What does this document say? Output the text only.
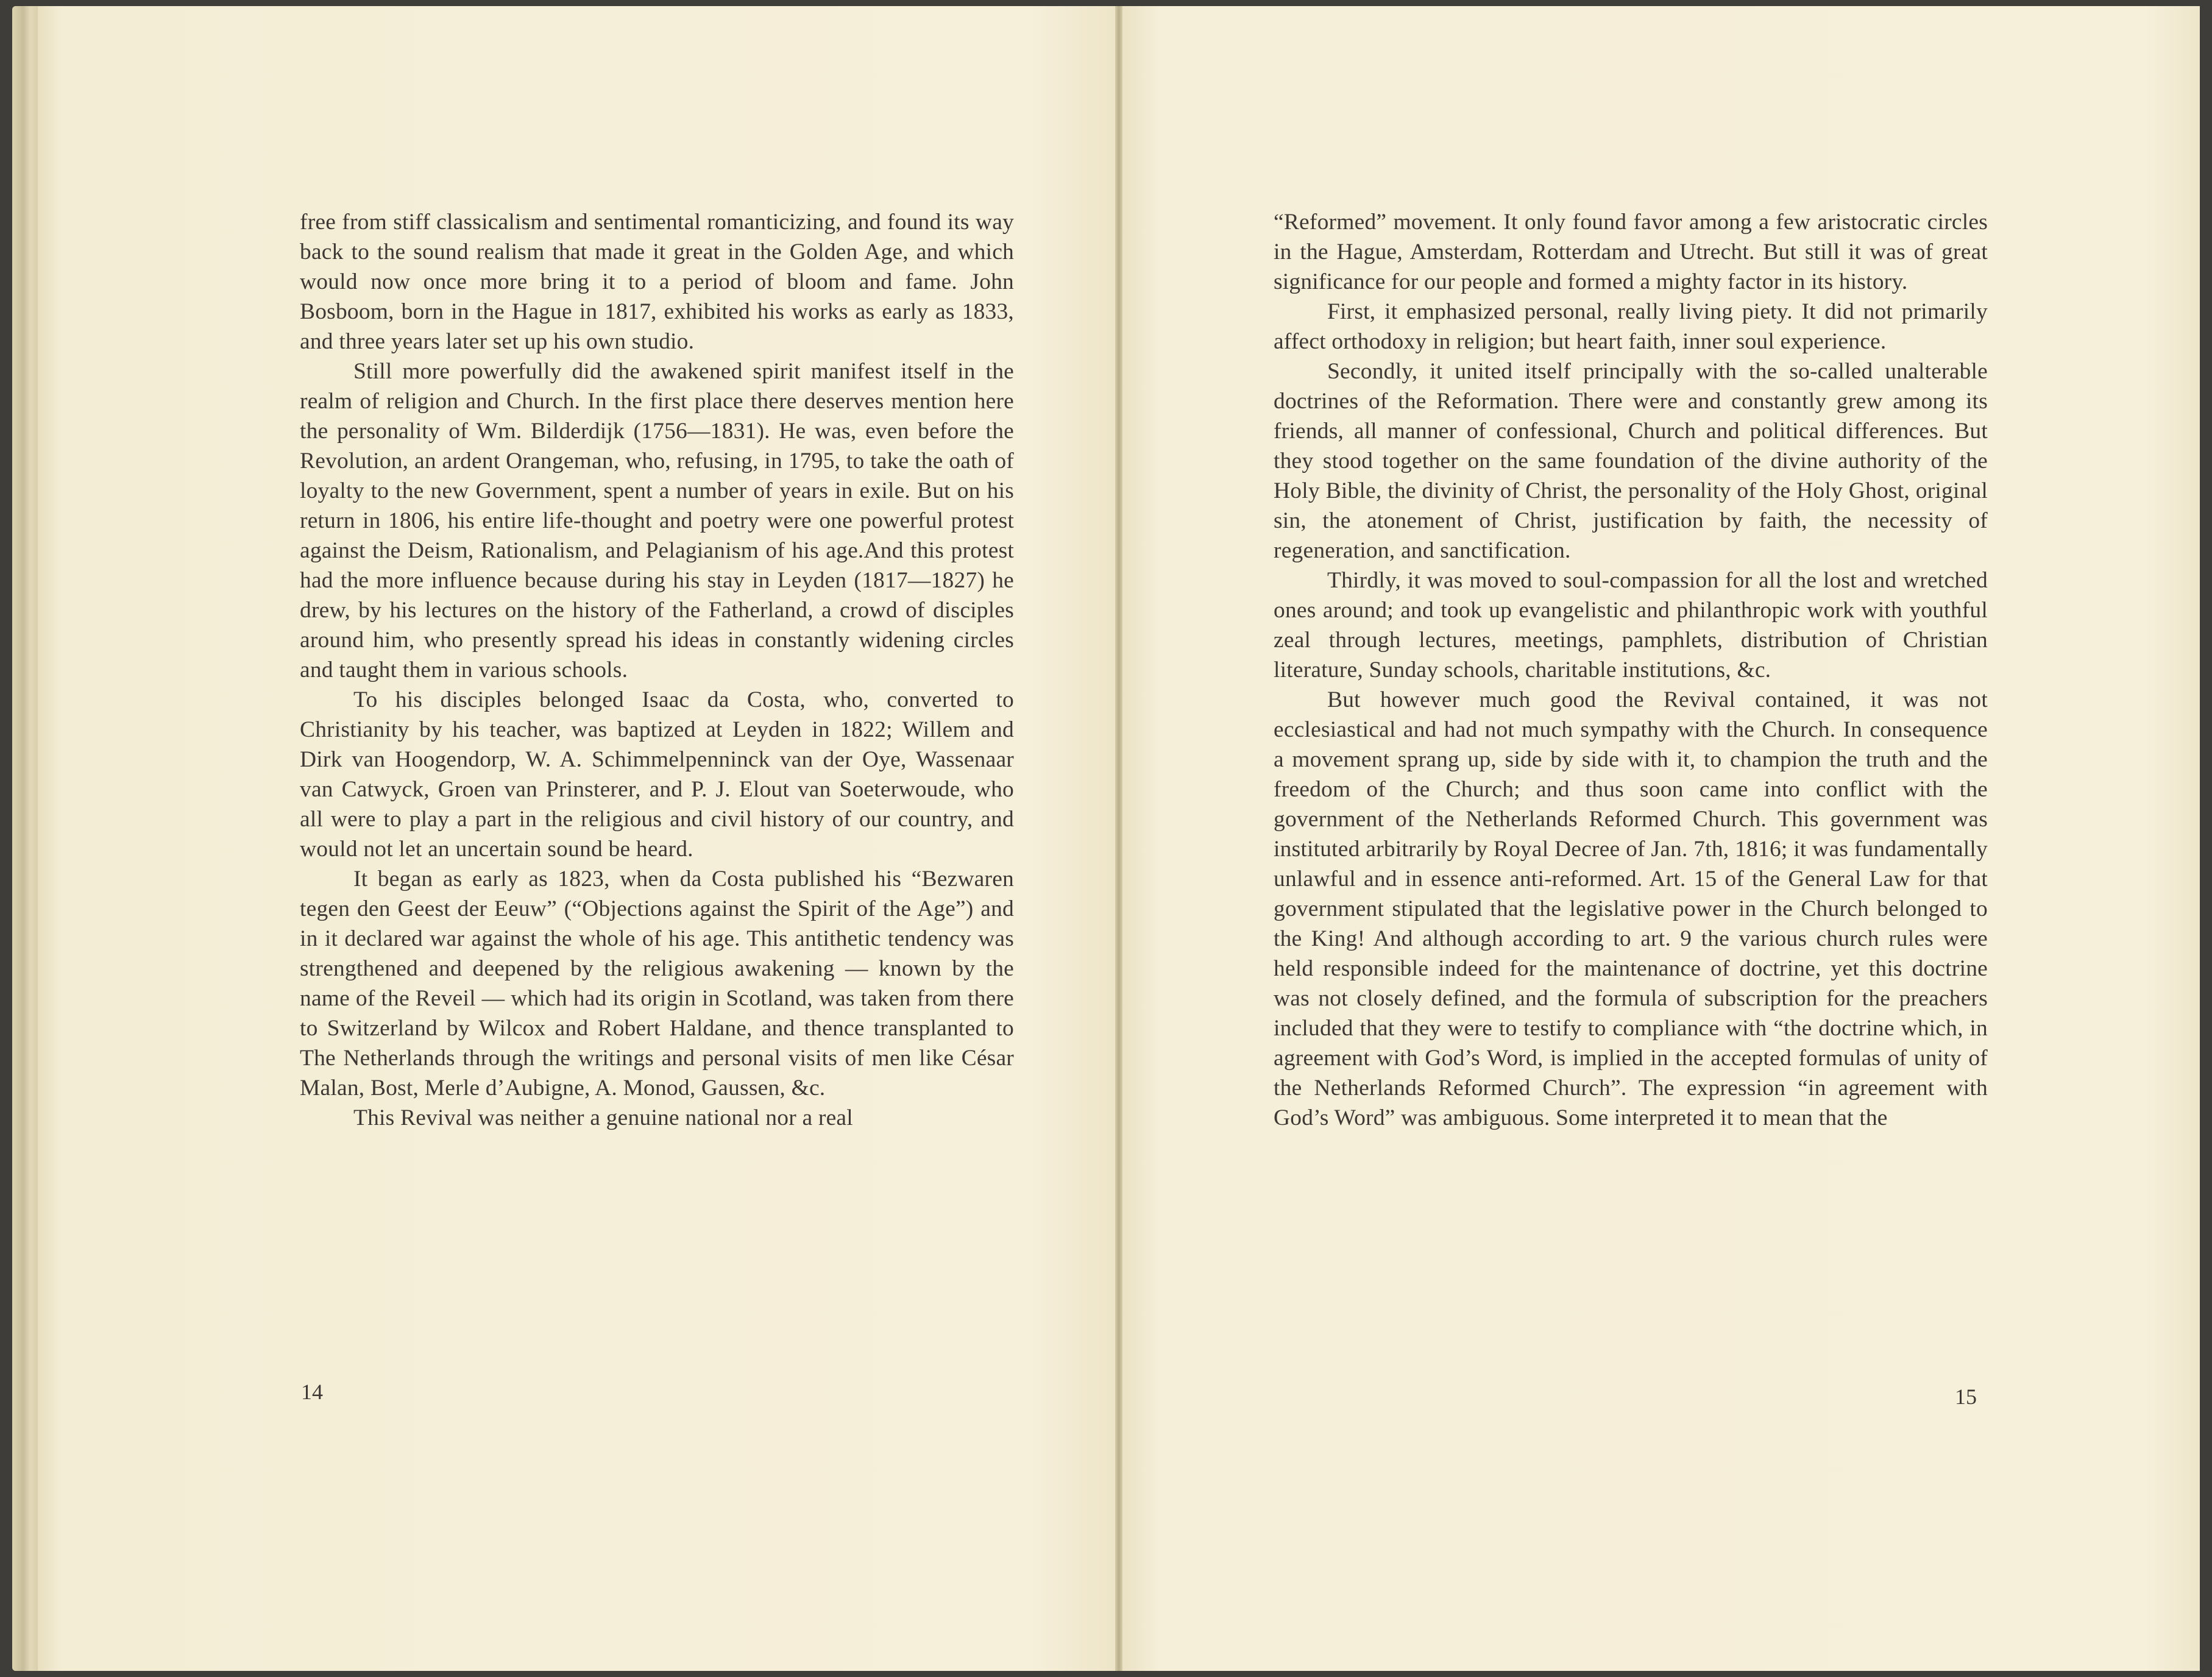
free from stiff classicalism and sentimental romanticizing, and found its way back to the sound realism that made it great in the Golden Age, and which would now once more bring it to a period of bloom and fame. John Bosboom, born in the Hague in 1817, exhibited his works as early as 1833, and three years later set up his own studio.

Still more powerfully did the awakened spirit manifest itself in the realm of religion and Church. In the first place there deserves mention here the personality of Wm. Bilderdijk (1756—1831). He was, even before the Revolution, an ardent Orangeman, who, refusing, in 1795, to take the oath of loyalty to the new Government, spent a number of years in exile. But on his return in 1806, his entire life-thought and poetry were one powerful protest against the Deism, Rationalism, and Pelagianism of his age.And this protest had the more influence because during his stay in Leyden (1817—1827) he drew, by his lectures on the history of the Fatherland, a crowd of disciples around him, who presently spread his ideas in constantly widening circles and taught them in various schools.

To his disciples belonged Isaac da Costa, who, converted to Christianity by his teacher, was baptized at Leyden in 1822; Willem and Dirk van Hoogendorp, W. A. Schimmelpenninck van der Oye, Wassenaar van Catwyck, Groen van Prinsterer, and P. J. Elout van Soeterwoude, who all were to play a part in the religious and civil history of our country, and would not let an uncertain sound be heard.

It began as early as 1823, when da Costa published his “Bezwaren tegen den Geest der Eeuw” (“Objections against the Spirit of the Age”) and in it declared war against the whole of his age. This antithetic tendency was strengthened and deepened by the religious awakening — known by the name of the Reveil — which had its origin in Scotland, was taken from there to Switzerland by Wilcox and Robert Haldane, and thence transplanted to The Netherlands through the writings and personal visits of men like César Malan, Bost, Merle d’Aubigne, A. Monod, Gaussen, &c.

This Revival was neither a genuine national nor a real

14

“Reformed” movement. It only found favor among a few aristocratic circles in the Hague, Amsterdam, Rotterdam and Utrecht. But still it was of great significance for our people and formed a mighty factor in its history.

First, it emphasized personal, really living piety. It did not primarily affect orthodoxy in religion; but heart faith, inner soul experience.

Secondly, it united itself principally with the so-called unalterable doctrines of the Reformation. There were and constantly grew among its friends, all manner of confessional, Church and political differences. But they stood together on the same foundation of the divine authority of the Holy Bible, the divinity of Christ, the personality of the Holy Ghost, original sin, the atonement of Christ, justification by faith, the necessity of regeneration, and sanctification.

Thirdly, it was moved to soul-compassion for all the lost and wretched ones around; and took up evangelistic and philanthropic work with youthful zeal through lectures, meetings, pamphlets, distribution of Christian literature, Sunday schools, charitable institutions, &c.

But however much good the Revival contained, it was not ecclesiastical and had not much sympathy with the Church. In consequence a movement sprang up, side by side with it, to champion the truth and the freedom of the Church; and thus soon came into conflict with the government of the Netherlands Reformed Church. This government was instituted arbitrarily by Royal Decree of Jan. 7th, 1816; it was fundamentally unlawful and in essence anti-reformed. Art. 15 of the General Law for that government stipulated that the legislative power in the Church belonged to the King! And although according to art. 9 the various church rules were held responsible indeed for the maintenance of doctrine, yet this doctrine was not closely defined, and the formula of subscription for the preachers included that they were to testify to compliance with “the doctrine which, in agreement with God’s Word, is implied in the accepted formulas of unity of the Netherlands Reformed Church”. The expression “in agreement with God’s Word” was ambiguous. Some interpreted it to mean that the

15
